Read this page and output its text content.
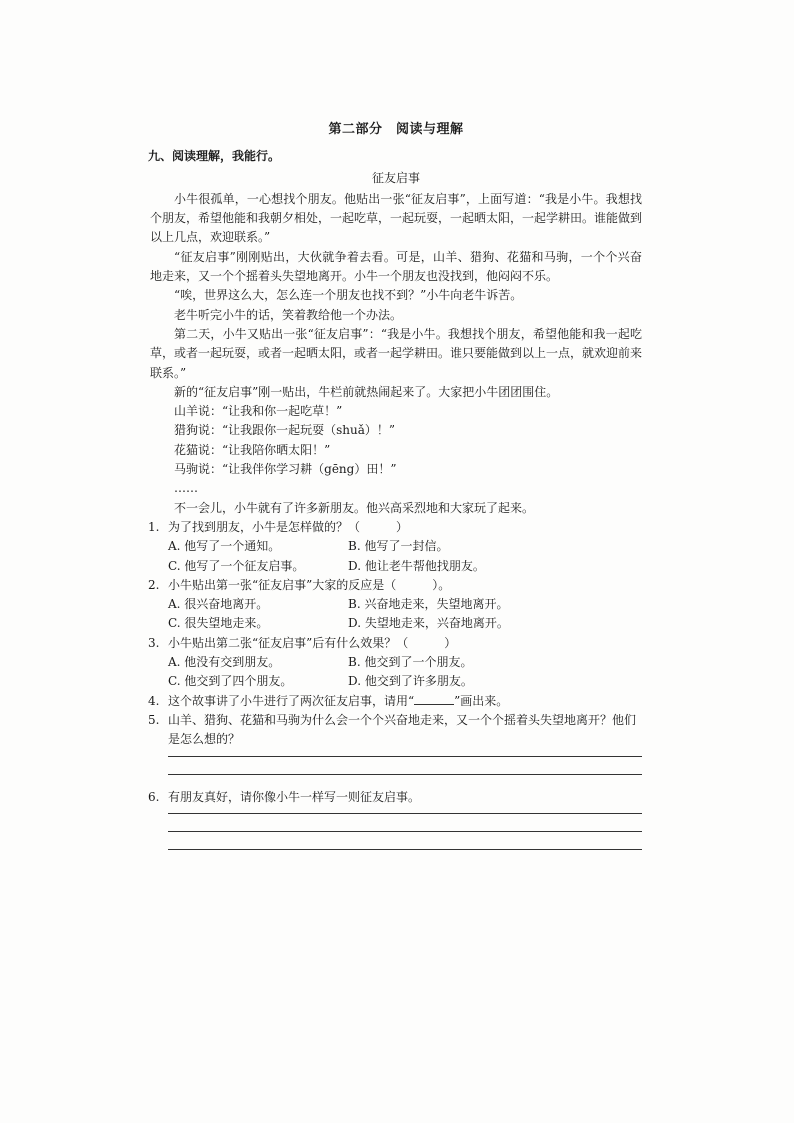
第二部分　阅读与理解
九、阅读理解，我能行。
征友启事

小牛很孤单，一心想找个朋友。他贴出一张“征友启事”，上面写道：“我是小牛。我想找个朋友，希望他能和我朝夕相处，一起吃草，一起玩耍，一起晒太阳，一起学耕田。谁能做到以上几点，欢迎联系。”

“征友启事”刚刚贴出，大伙就争着去看。可是，山羊、猎狗、花猫和马驹，一个个兴奋地走来，又一个个摇着头失望地离开。小牛一个朋友也没找到，他闷闷不乐。

“唉，世界这么大，怎么连一个朋友也找不到？”小牛向老牛诉苦。

老牛听完小牛的话，笑着教给他一个办法。

第二天，小牛又贴出一张“征友启事”：“我是小牛。我想找个朋友，希望他能和我一起吃草，或者一起玩耍，或者一起晒太阳，或者一起学耕田。谁只要能做到以上一点，就欢迎前来联系。”

新的“征友启事”刚一贴出，牛栏前就热闹起来了。大家把小牛团团围住。

山羊说：“让我和你一起吃草！”
猎狗说：“让我跟你一起玩耍（shuǎ）！”
花猫说：“让我陪你晒太阳！”
马驹说：“让我伴你学习耕（gēng）田！”
……

不一会儿，小牛就有了许多新朋友。他兴高采烈地和大家玩了起来。

1. 为了找到朋友，小牛是怎样做的？（　　　）
A. 他写了一个通知。	B. 他写了一封信。
C. 他写了一个征友启事。	D. 他让老牛帮他找朋友。
2. 小牛贴出第一张“征友启事”大家的反应是（　　　）。
A. 很兴奋地离开。	B. 兴奋地走来，失望地离开。
C. 很失望地走来。	D. 失望地走来，兴奋地离开。
3. 小牛贴出第二张“征友启事”后有什么效果？（　　　）
A. 他没有交到朋友。	B. 他交到了一个朋友。
C. 他交到了四个朋友。	D. 他交到了许多朋友。
4. 这个故事讲了小牛进行了两次征友启事，请用“	”画出来。
5. 山羊、猎狗、花猫和马驹为什么会一个个兴奋地走来，又一个个摇着头失望地离开？他们是怎么想的？
6. 有朋友真好，请你像小牛一样写一则征友启事。
